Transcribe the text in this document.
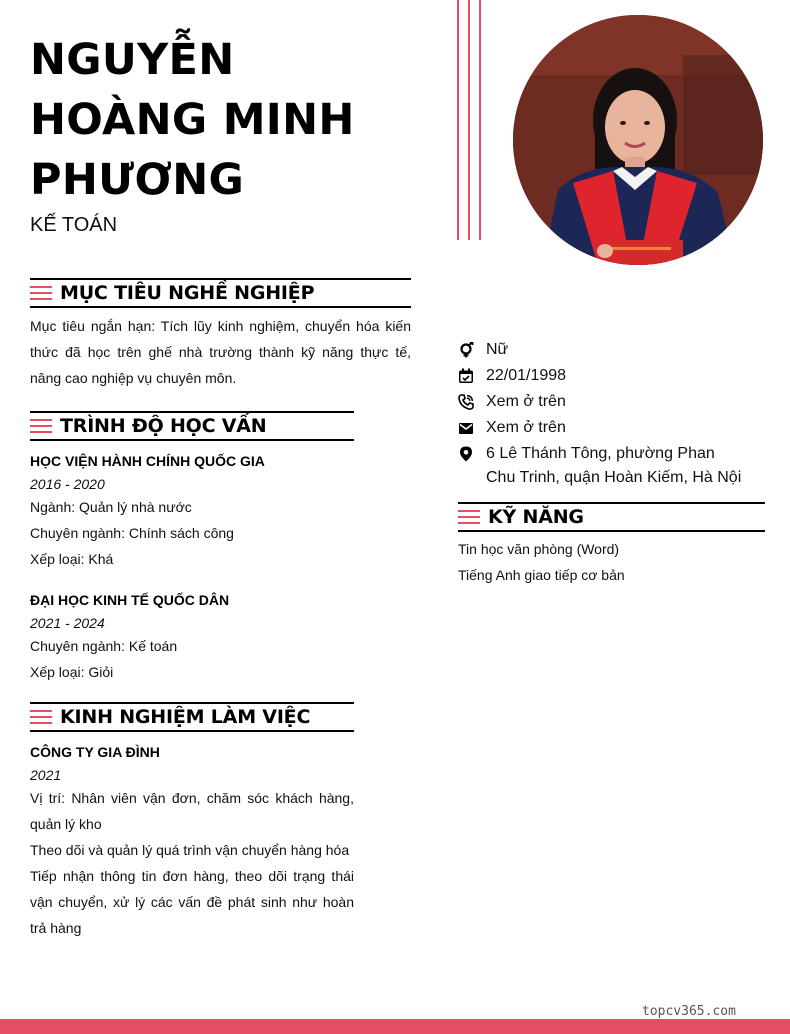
NGUYỄN
HOÀNG MINH
PHƯƠNG
KẾ TOÁN
MỤC TIÊU NGHỀ NGHIỆP
Mục tiêu ngắn hạn: Tích lũy kinh nghiệm, chuyển hóa kiến thức đã học trên ghế nhà trường thành kỹ năng thực tế, nâng cao nghiệp vụ chuyên môn.
TRÌNH ĐỘ HỌC VẤN
HỌC VIỆN HÀNH CHÍNH QUỐC GIA
2016 - 2020
Ngành: Quản lý nhà nước
Chuyên ngành: Chính sách công
Xếp loại: Khá
ĐẠI HỌC KINH TẾ QUỐC DÂN
2021 - 2024
Chuyên ngành: Kế toán
Xếp loại: Giỏi
KINH NGHIỆM LÀM VIỆC
CÔNG TY GIA ĐÌNH
2021
Vị trí: Nhân viên vận đơn, chăm sóc khách hàng, quản lý kho
Theo dõi và quản lý quá trình vận chuyển hàng hóa
Tiếp nhận thông tin đơn hàng, theo dõi trạng thái vận chuyển, xử lý các vấn đề phát sinh như hoàn trả hàng
Nữ
22/01/1998
Xem ở trên
Xem ở trên
6 Lê Thánh Tông, phường Phan Chu Trinh, quận Hoàn Kiếm, Hà Nội
KỸ NĂNG
Tin học văn phòng (Word)
Tiếng Anh giao tiếp cơ bản
topcv365.com
